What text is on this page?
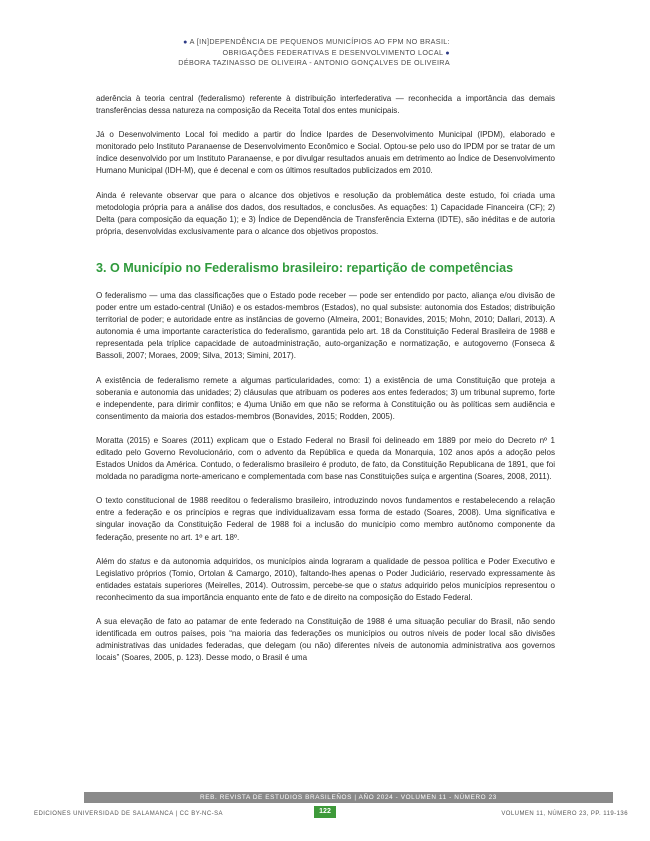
● A [IN]DEPENDÊNCIA DE PEQUENOS MUNICÍPIOS AO FPM NO BRASIL:
OBRIGAÇÕES FEDERATIVAS E DESENVOLVIMENTO LOCAL ●
DÉBORA TAZINASSO DE OLIVEIRA - ANTONIO GONÇALVES DE OLIVEIRA

aderência à teoria central (federalismo) referente à distribuição interfederativa — reconhecida a importância das demais transferências dessa natureza na composição da Receita Total dos entes municipais.

Já o Desenvolvimento Local foi medido a partir do Índice Ipardes de Desenvolvimento Municipal (IPDM), elaborado e monitorado pelo Instituto Paranaense de Desenvolvimento Econômico e Social. Optou-se pelo uso do IPDM por se tratar de um índice desenvolvido por um Instituto Paranaense, e por divulgar resultados anuais em detrimento ao Índice de Desenvolvimento Humano Municipal (IDH-M), que é decenal e com os últimos resultados publicizados em 2010.

Ainda é relevante observar que para o alcance dos objetivos e resolução da problemática deste estudo, foi criada uma metodologia própria para a análise dos dados, dos resultados, e conclusões. As equações: 1) Capacidade Financeira (CF); 2) Delta (para composição da equação 1); e 3) Índice de Dependência de Transferência Externa (IDTE), são inéditas e de autoria própria, desenvolvidas exclusivamente para o alcance dos objetivos propostos.

3. O Município no Federalismo brasileiro: repartição de competências

O federalismo — uma das classificações que o Estado pode receber — pode ser entendido por pacto, aliança e/ou divisão de poder entre um estado-central (União) e os estados-membros (Estados), no qual subsiste: autonomia dos Estados; distribuição territorial de poder; e autoridade entre as instâncias de governo (Almeira, 2001; Bonavides, 2015; Mohn, 2010; Dallari, 2013). A autonomia é uma importante característica do federalismo, garantida pelo art. 18 da Constituição Federal Brasileira de 1988 e representada pela tríplice capacidade de autoadministração, auto-organização e normatização, e autogoverno (Fonseca & Bassoli, 2007; Moraes, 2009; Silva, 2013; Simini, 2017).

A existência de federalismo remete a algumas particularidades, como: 1) a existência de uma Constituição que proteja a soberania e autonomia das unidades; 2) cláusulas que atribuam os poderes aos entes federados; 3) um tribunal supremo, forte e independente, para dirimir conflitos; e 4)uma União em que não se reforma à Constituição ou às políticas sem audiência e consentimento da maioria dos estados-membros (Bonavides, 2015; Rodden, 2005).

Moratta (2015) e Soares (2011) explicam que o Estado Federal no Brasil foi delineado em 1889 por meio do Decreto nº 1 editado pelo Governo Revolucionário, com o advento da República e queda da Monarquia, 102 anos após a adoção pelos Estados Unidos da América. Contudo, o federalismo brasileiro é produto, de fato, da Constituição Republicana de 1891, que foi moldada no paradigma norte-americano e complementada com base nas Constituições suíça e argentina (Soares, 2008, 2011).

O texto constitucional de 1988 reeditou o federalismo brasileiro, introduzindo novos fundamentos e restabelecendo a relação entre a federação e os princípios e regras que individualizavam essa forma de estado (Soares, 2008). Uma significativa e singular inovação da Constituição Federal de 1988 foi a inclusão do município como membro autônomo componente da federação, presente no art. 1º e art. 18º.

Além do status e da autonomia adquiridos, os municípios ainda lograram a qualidade de pessoa política e Poder Executivo e Legislativo próprios (Tomio, Ortolan & Camargo, 2010), faltando-lhes apenas o Poder Judiciário, reservado expressamente às entidades estatais superiores (Meirelles, 2014). Outrossim, percebe-se que o status adquirido pelos municípios representou o reconhecimento da sua importância enquanto ente de fato e de direito na composição do Estado Federal.

A sua elevação de fato ao patamar de ente federado na Constituição de 1988 é uma situação peculiar do Brasil, não sendo identificada em outros países, pois “na maioria das federações os municípios ou outros níveis de poder local são divisões administrativas das unidades federadas, que delegam (ou não) diferentes níveis de autonomia administrativa aos governos locais” (Soares, 2005, p. 123). Desse modo, o Brasil é uma

REB. REVISTA DE ESTUDIOS BRASILEÑOS | AÑO 2024 - VOLUMEN 11 - NÚMERO 23
EDICIONES UNIVERSIDAD DE SALAMANCA | CC BY-NC-SA	122	VOLUMEN 11, NÚMERO 23, PP. 119-136
